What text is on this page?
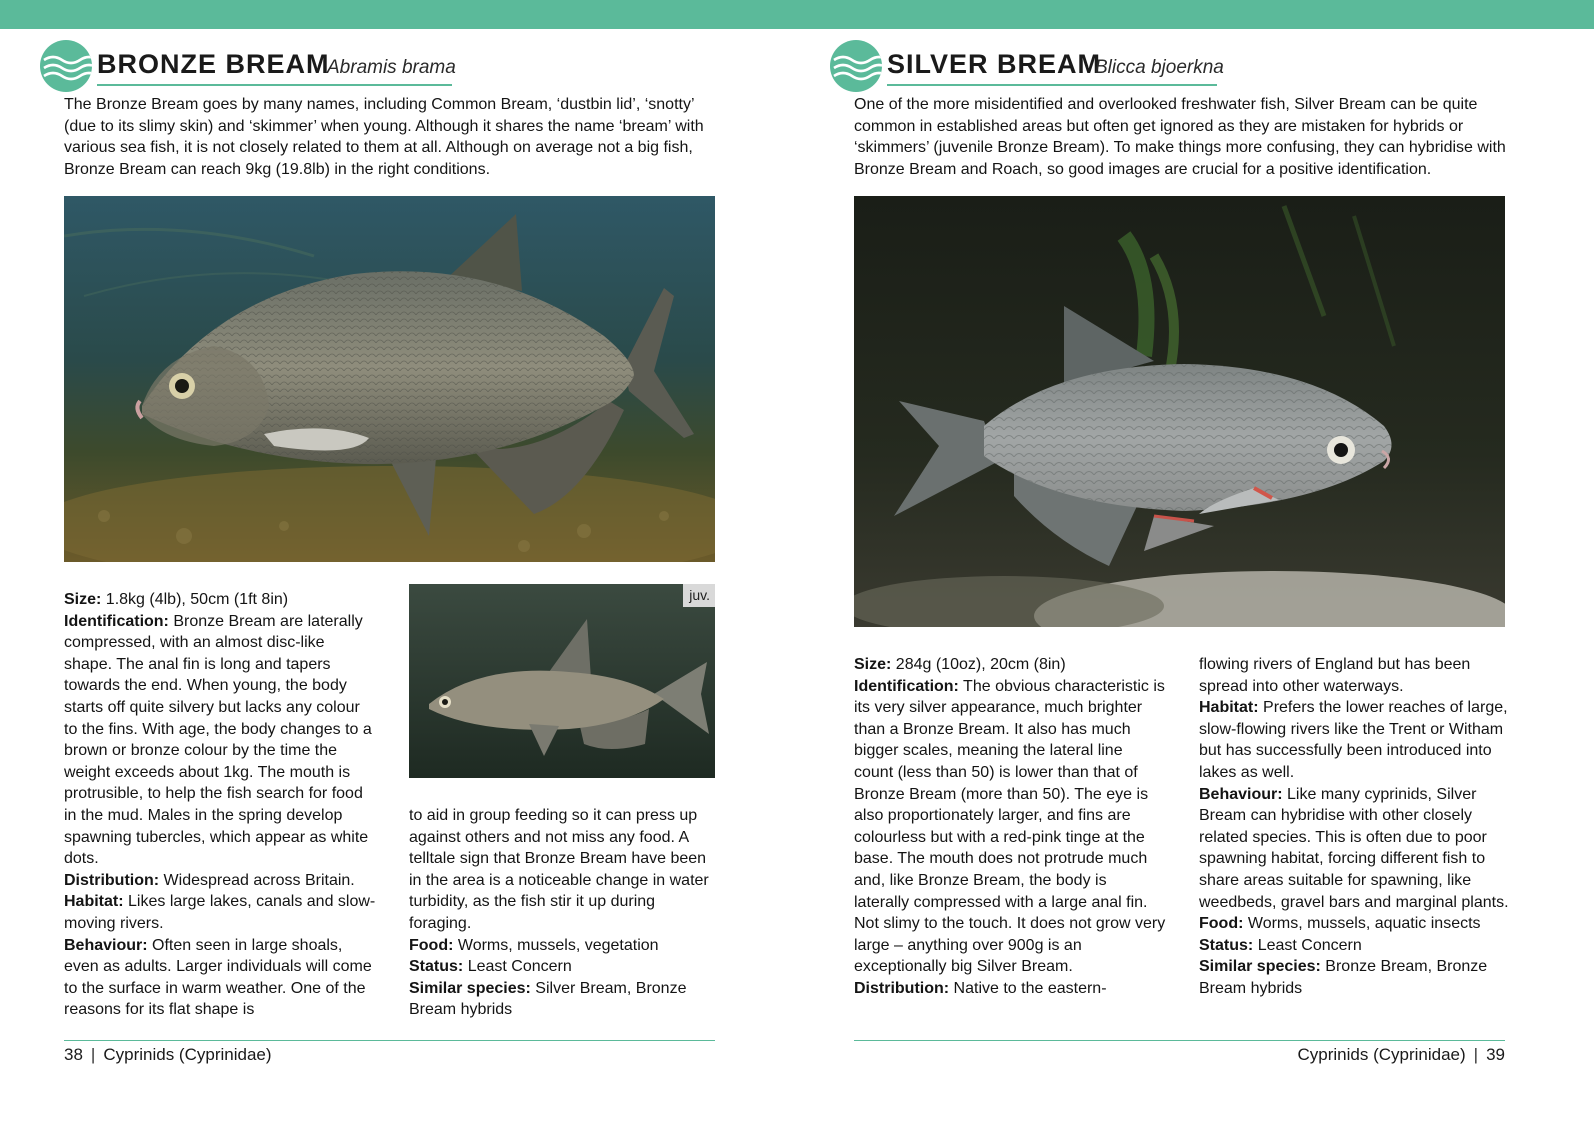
BRONZE BREAM
Abramis brama

The Bronze Bream goes by many names, including Common Bream, ‘dustbin lid’, ‘snotty’ (due to its slimy skin) and ‘skimmer’ when young. Although it shares the name ‘bream’ with various sea fish, it is not closely related to them at all. Although on average not a big fish, Bronze Bream can reach 9kg (19.8lb) in the right conditions.

juv.

Size: 1.8kg (4lb), 50cm (1ft 8in)

Identification: Bronze Bream are laterally compressed, with an almost disc-like shape. The anal fin is long and tapers towards the end. When young, the body starts off quite silvery but lacks any colour to the fins. With age, the body changes to a brown or bronze colour by the time the weight exceeds about 1kg. The mouth is protrusible, to help the fish search for food in the mud. Males in the spring develop spawning tubercles, which appear as white dots.

Distribution: Widespread across Britain.

Habitat: Likes large lakes, canals and slow-moving rivers.

Behaviour: Often seen in large shoals, even as adults. Larger individuals will come to the surface in warm weather. One of the reasons for its flat shape is

to aid in group feeding so it can press up against others and not miss any food. A telltale sign that Bronze Bream have been in the area is a noticeable change in water turbidity, as the fish stir it up during foraging.

Food: Worms, mussels, vegetation

Status: Least Concern

Similar species: Silver Bream, Bronze Bream hybrids

38 | Cyprinids (Cyprinidae)
SILVER BREAM
Blicca bjoerkna

One of the more misidentified and overlooked freshwater fish, Silver Bream can be quite common in established areas but often get ignored as they are mistaken for hybrids or ‘skimmers’ (juvenile Bronze Bream). To make things more confusing, they can hybridise with Bronze Bream and Roach, so good images are crucial for a positive identification.

Size: 284g (10oz), 20cm (8in)

Identification: The obvious characteristic is its very silver appearance, much brighter than a Bronze Bream. It also has much bigger scales, meaning the lateral line count (less than 50) is lower than that of Bronze Bream (more than 50). The eye is also proportionately larger, and fins are colourless but with a red-pink tinge at the base. The mouth does not protrude much and, like Bronze Bream, the body is laterally compressed with a large anal fin. Not slimy to the touch. It does not grow very large – anything over 900g is an exceptionally big Silver Bream.

Distribution: Native to the eastern-

flowing rivers of England but has been spread into other waterways.

Habitat: Prefers the lower reaches of large, slow-flowing rivers like the Trent or Witham but has successfully been introduced into lakes as well.

Behaviour: Like many cyprinids, Silver Bream can hybridise with other closely related species. This is often due to poor spawning habitat, forcing different fish to share areas suitable for spawning, like weedbeds, gravel bars and marginal plants.

Food: Worms, mussels, aquatic insects

Status: Least Concern

Similar species: Bronze Bream, Bronze Bream hybrids

Cyprinids (Cyprinidae) | 39
